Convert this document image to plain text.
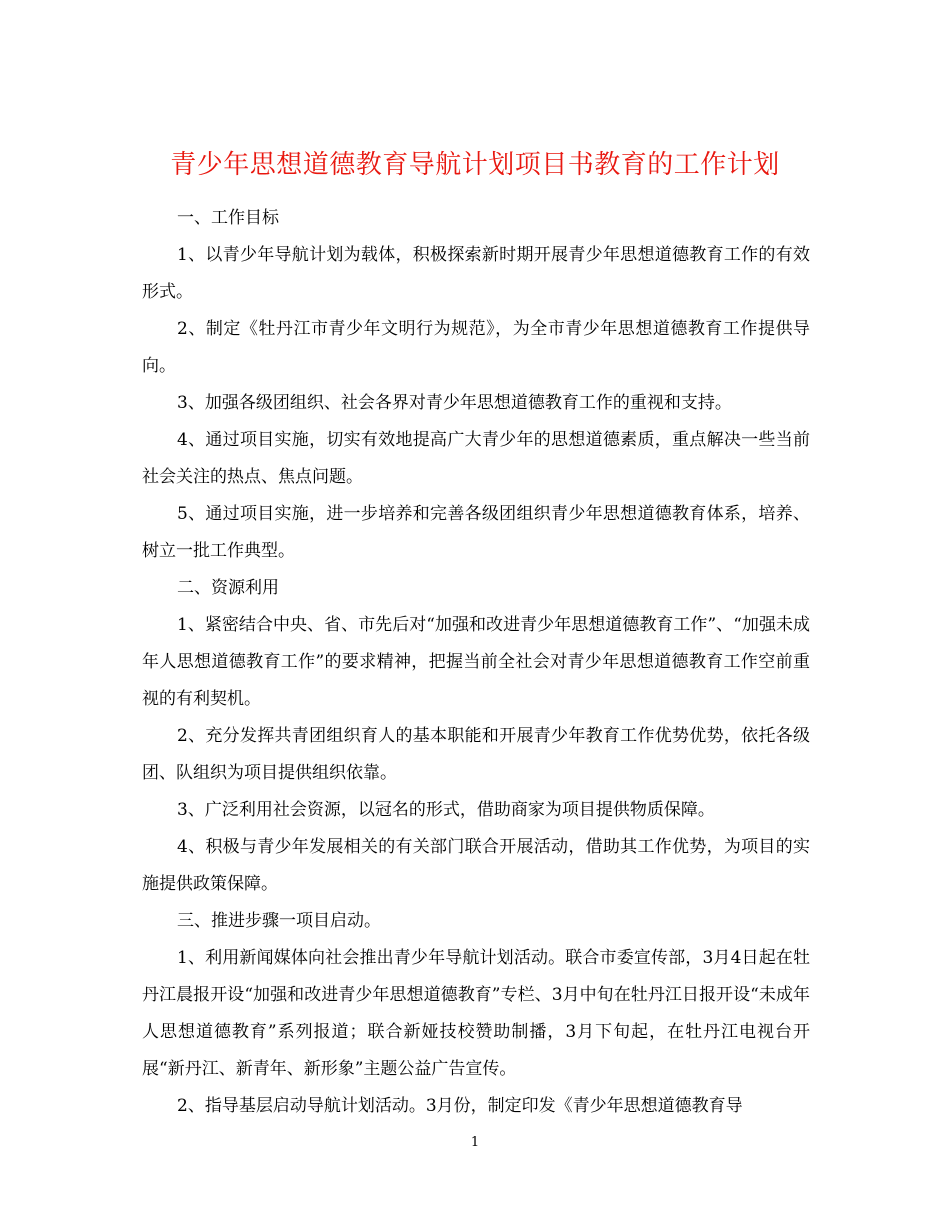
青少年思想道德教育导航计划项目书教育的工作计划

一、工作目标

1、以青少年导航计划为载体，积极探索新时期开展青少年思想道德教育工作的有效形式。

2、制定《牡丹江市青少年文明行为规范》，为全市青少年思想道德教育工作提供导向。

3、加强各级团组织、社会各界对青少年思想道德教育工作的重视和支持。

4、通过项目实施，切实有效地提高广大青少年的思想道德素质，重点解决一些当前社会关注的热点、焦点问题。

5、通过项目实施，进一步培养和完善各级团组织青少年思想道德教育体系，培养、树立一批工作典型。

二、资源利用

1、紧密结合中央、省、市先后对“加强和改进青少年思想道德教育工作”、“加强未成年人思想道德教育工作”的要求精神，把握当前全社会对青少年思想道德教育工作空前重视的有利契机。

2、充分发挥共青团组织育人的基本职能和开展青少年教育工作优势优势，依托各级团、队组织为项目提供组织依靠。

3、广泛利用社会资源，以冠名的形式，借助商家为项目提供物质保障。

4、积极与青少年发展相关的有关部门联合开展活动，借助其工作优势，为项目的实施提供政策保障。

三、推进步骤一项目启动。

1、利用新闻媒体向社会推出青少年导航计划活动。联合市委宣传部，3月4日起在牡丹江晨报开设“加强和改进青少年思想道德教育”专栏、3月中旬在牡丹江日报开设“未成年人思想道德教育”系列报道；联合新娅技校赞助制播，3月下旬起，在牡丹江电视台开展“新丹江、新青年、新形象”主题公益广告宣传。

2、指导基层启动导航计划活动。3月份，制定印发《青少年思想道德教育导

1
